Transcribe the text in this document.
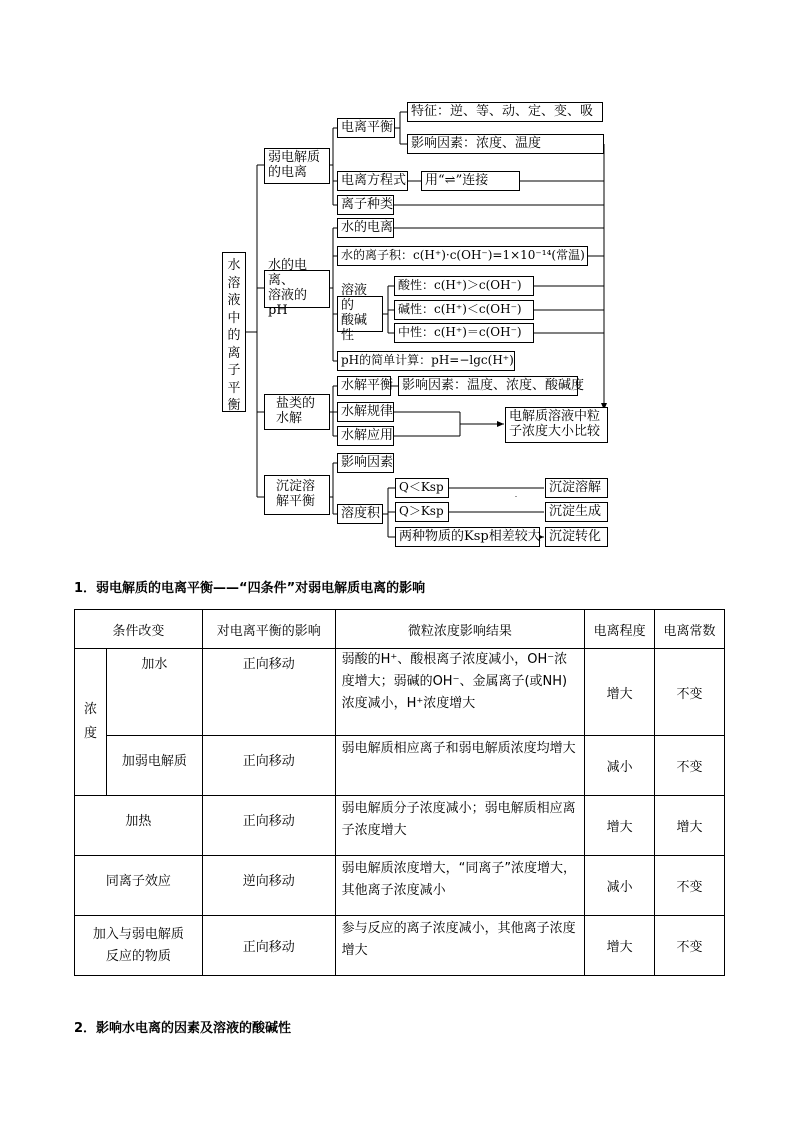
水
溶
液
中
的
离
子
平
衡
弱电解质
的电离
电离平衡
特征：逆、等、动、定、变、吸
影响因素：浓度、温度
电离方程式 用“ ⇌ ”连接
离子种类
水的电离、
溶液的pH
水的电离
水的离子积：c(H⁺)·c(OH⁻)=1×10⁻¹⁴(常温)
溶液的
酸碱性
酸性：c(H⁺)＞c(OH⁻)
碱性：c(H⁺)＜c(OH⁻)
中性：c(H⁺)＝c(OH⁻)
pH的简单计算：pH=−lgc(H⁺)
盐类的
水解
水解平衡 影响因素：温度、浓度、酸碱度
水解规律
水解应用
电解质溶液中粒
子浓度大小比较
沉淀溶
解平衡
影响因素
溶度积
Q＜Ksp
Q＞Ksp
两种物质的Ksp相差较大
沉淀溶解
沉淀生成
沉淀转化
1．弱电解质的电离平衡——“四条件”对弱电解质电离的影响
条件改变		对电离平衡的影响	微粒浓度影响结果	电离程度	电离常数
浓度	加水	正向移动	弱酸的H⁺、酸根离子浓度减小，OH⁻浓度增大；弱碱的OH⁻、金属离子(或NH)浓度减小，H⁺浓度增大	增大	不变
	加弱电解质	正向移动	弱电解质相应离子和弱电解质浓度均增大	减小	不变
加热		正向移动	弱电解质分子浓度减小；弱电解质相应离子浓度增大	增大	增大
同离子效应		逆向移动	弱电解质浓度增大，“同离子”浓度增大，其他离子浓度减小	减小	不变
加入与弱电解质反应的物质		正向移动	参与反应的离子浓度减小，其他离子浓度增大	增大	不变
2．影响水电离的因素及溶液的酸碱性
